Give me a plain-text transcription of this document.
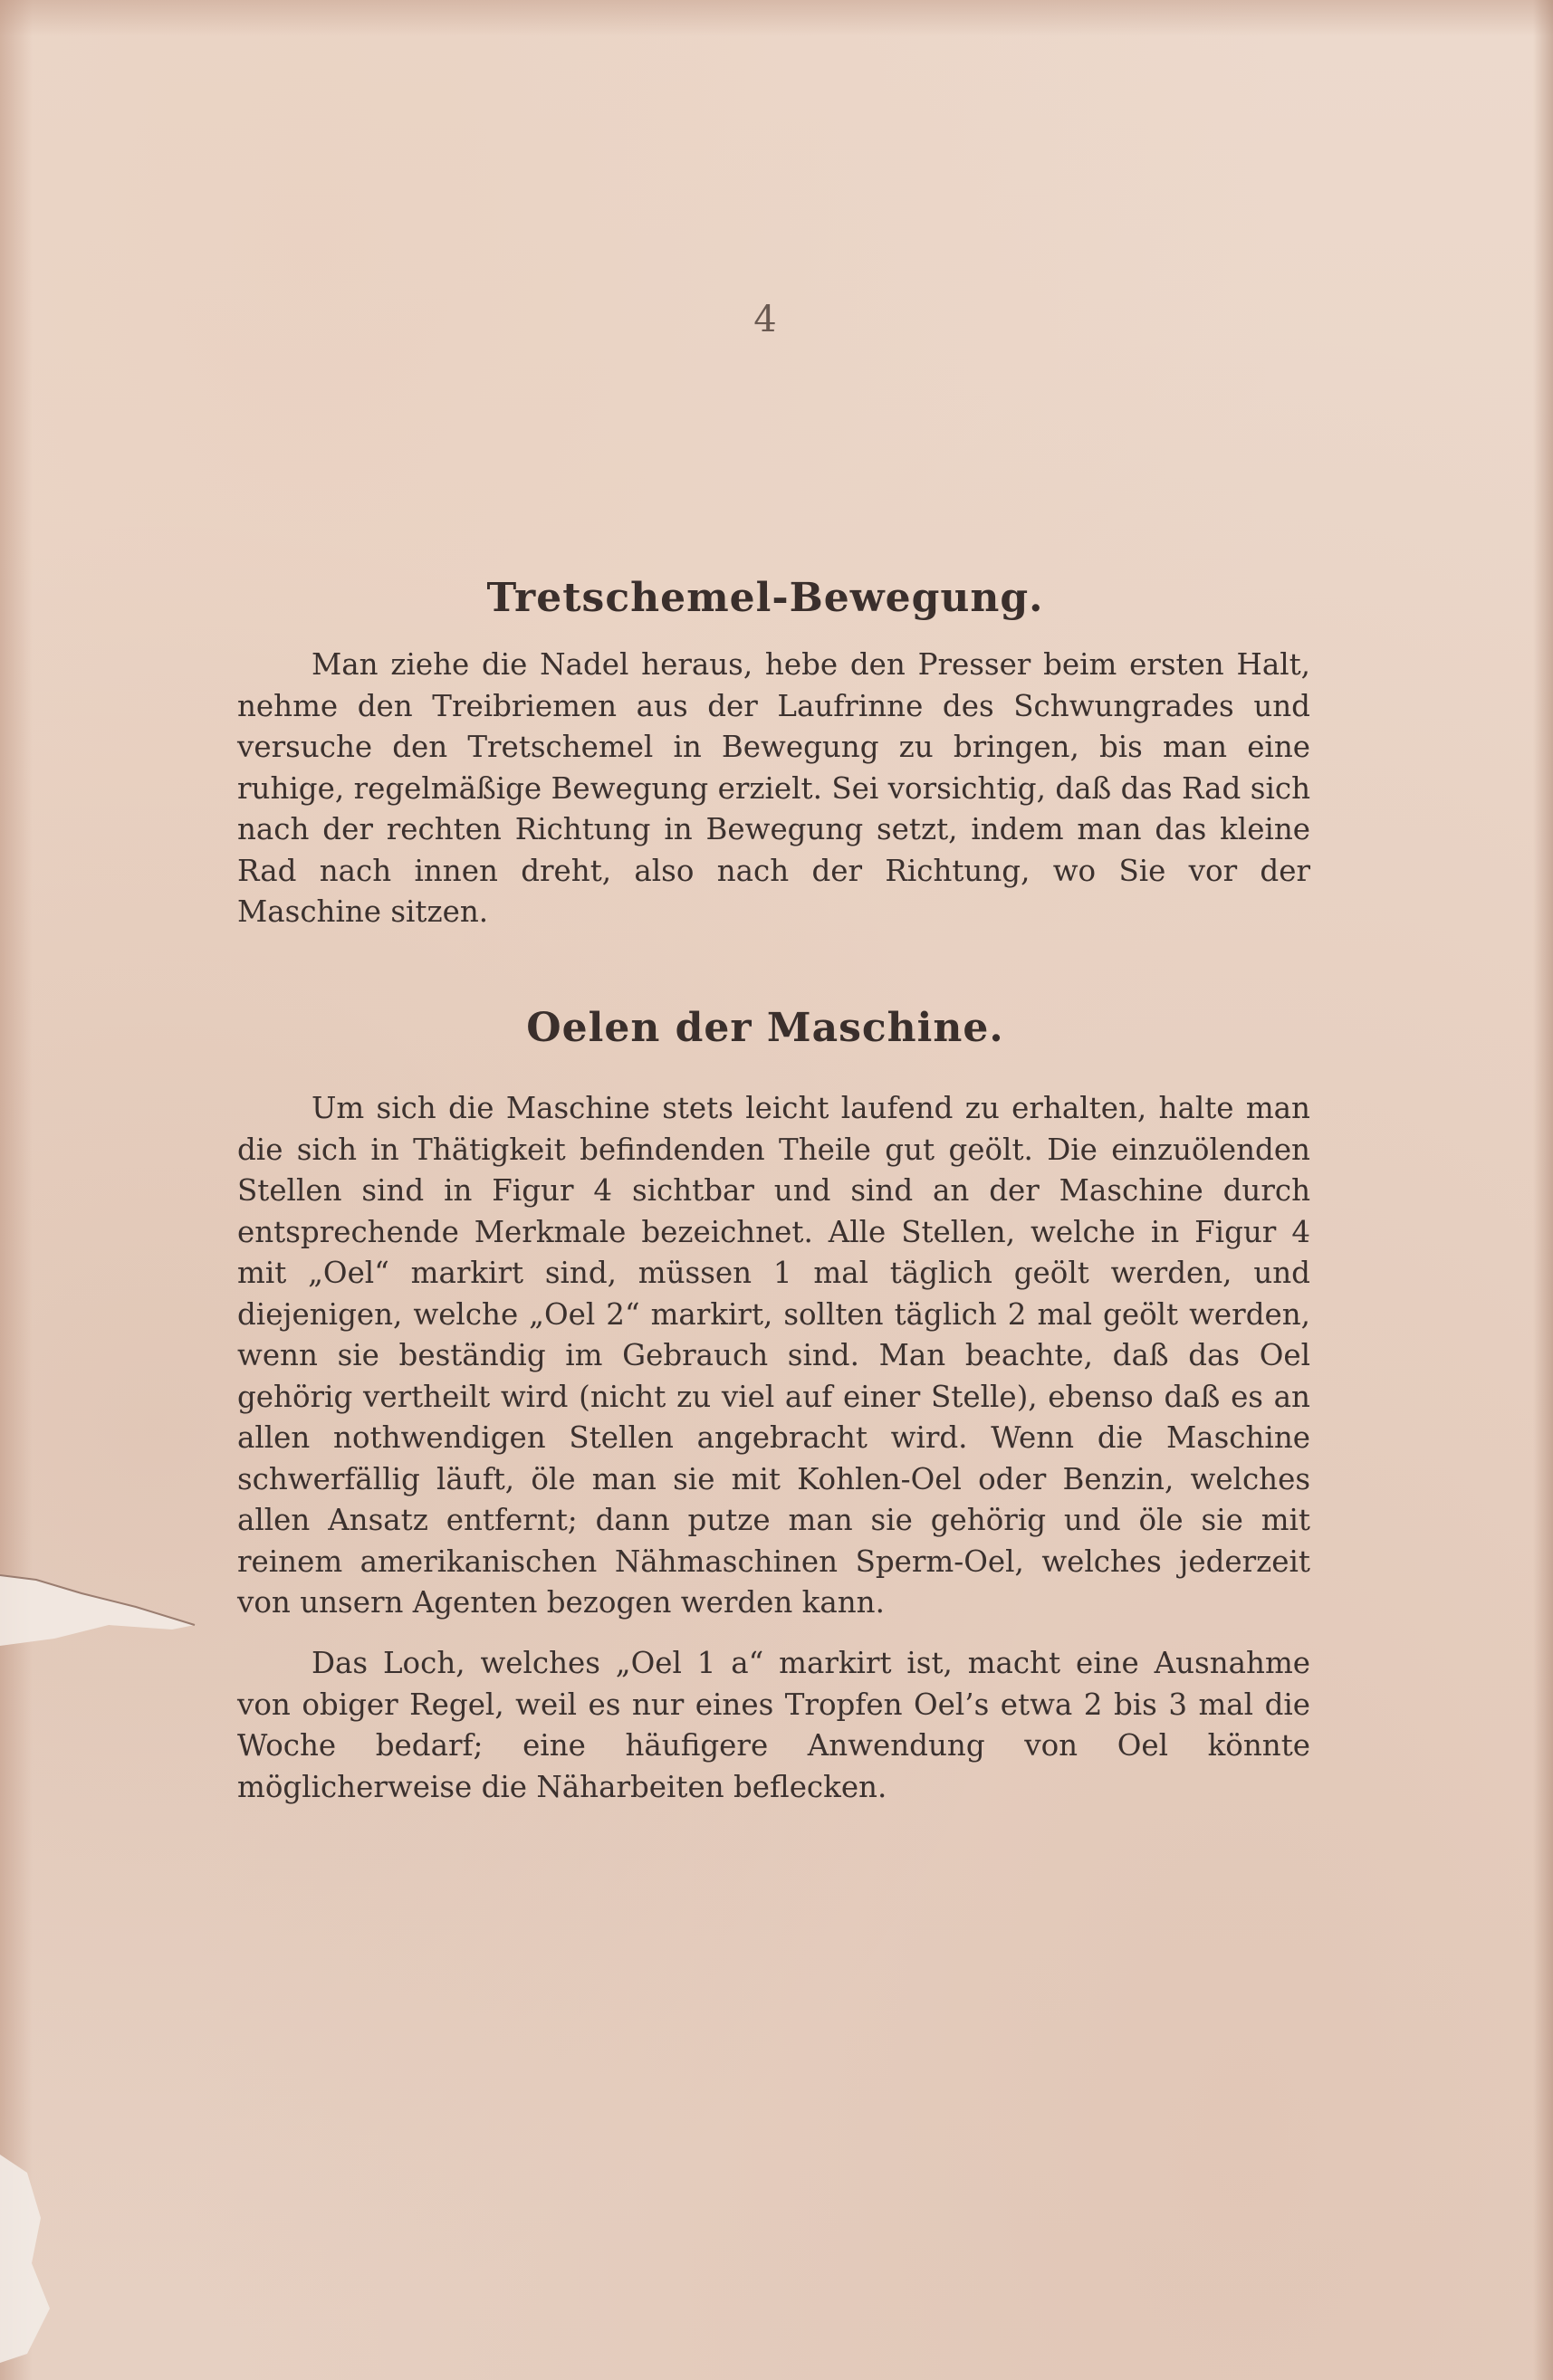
4
Tretschemel-Bewegung.

Man ziehe die Nadel heraus, hebe den Presser beim ersten Halt, nehme den Treibriemen aus der Laufrinne des Schwungrades und versuche den Tretschemel in Bewegung zu bringen, bis man eine ruhige, regelmäßige Bewegung erzielt. Sei vorsichtig, daß das Rad sich nach der rechten Richtung in Bewegung setzt, indem man das kleine Rad nach innen dreht, also nach der Richtung, wo Sie vor der Maschine sitzen.

Oelen der Maschine.

Um sich die Maschine stets leicht laufend zu erhalten, halte man die sich in Thätigkeit befindenden Theile gut geölt. Die einzuölenden Stellen sind in Figur 4 sichtbar und sind an der Maschine durch entsprechende Merkmale bezeichnet. Alle Stellen, welche in Figur 4 mit „Oel“ markirt sind, müssen 1 mal täglich geölt werden, und diejenigen, welche „Oel 2“ markirt, sollten täglich 2 mal geölt werden, wenn sie beständig im Gebrauch sind. Man beachte, daß das Oel gehörig vertheilt wird (nicht zu viel auf einer Stelle), ebenso daß es an allen nothwendigen Stellen angebracht wird. Wenn die Maschine schwerfällig läuft, öle man sie mit Kohlen-Oel oder Benzin, welches allen Ansatz entfernt; dann putze man sie gehörig und öle sie mit reinem amerikanischen Nähmaschinen Sperm-Oel, welches jederzeit von unsern Agenten bezogen werden kann.

Das Loch, welches „Oel 1 a“ markirt ist, macht eine Ausnahme von obiger Regel, weil es nur eines Tropfen Oel’s etwa 2 bis 3 mal die Woche bedarf; eine häufigere Anwendung von Oel könnte möglicherweise die Näharbeiten beflecken.
